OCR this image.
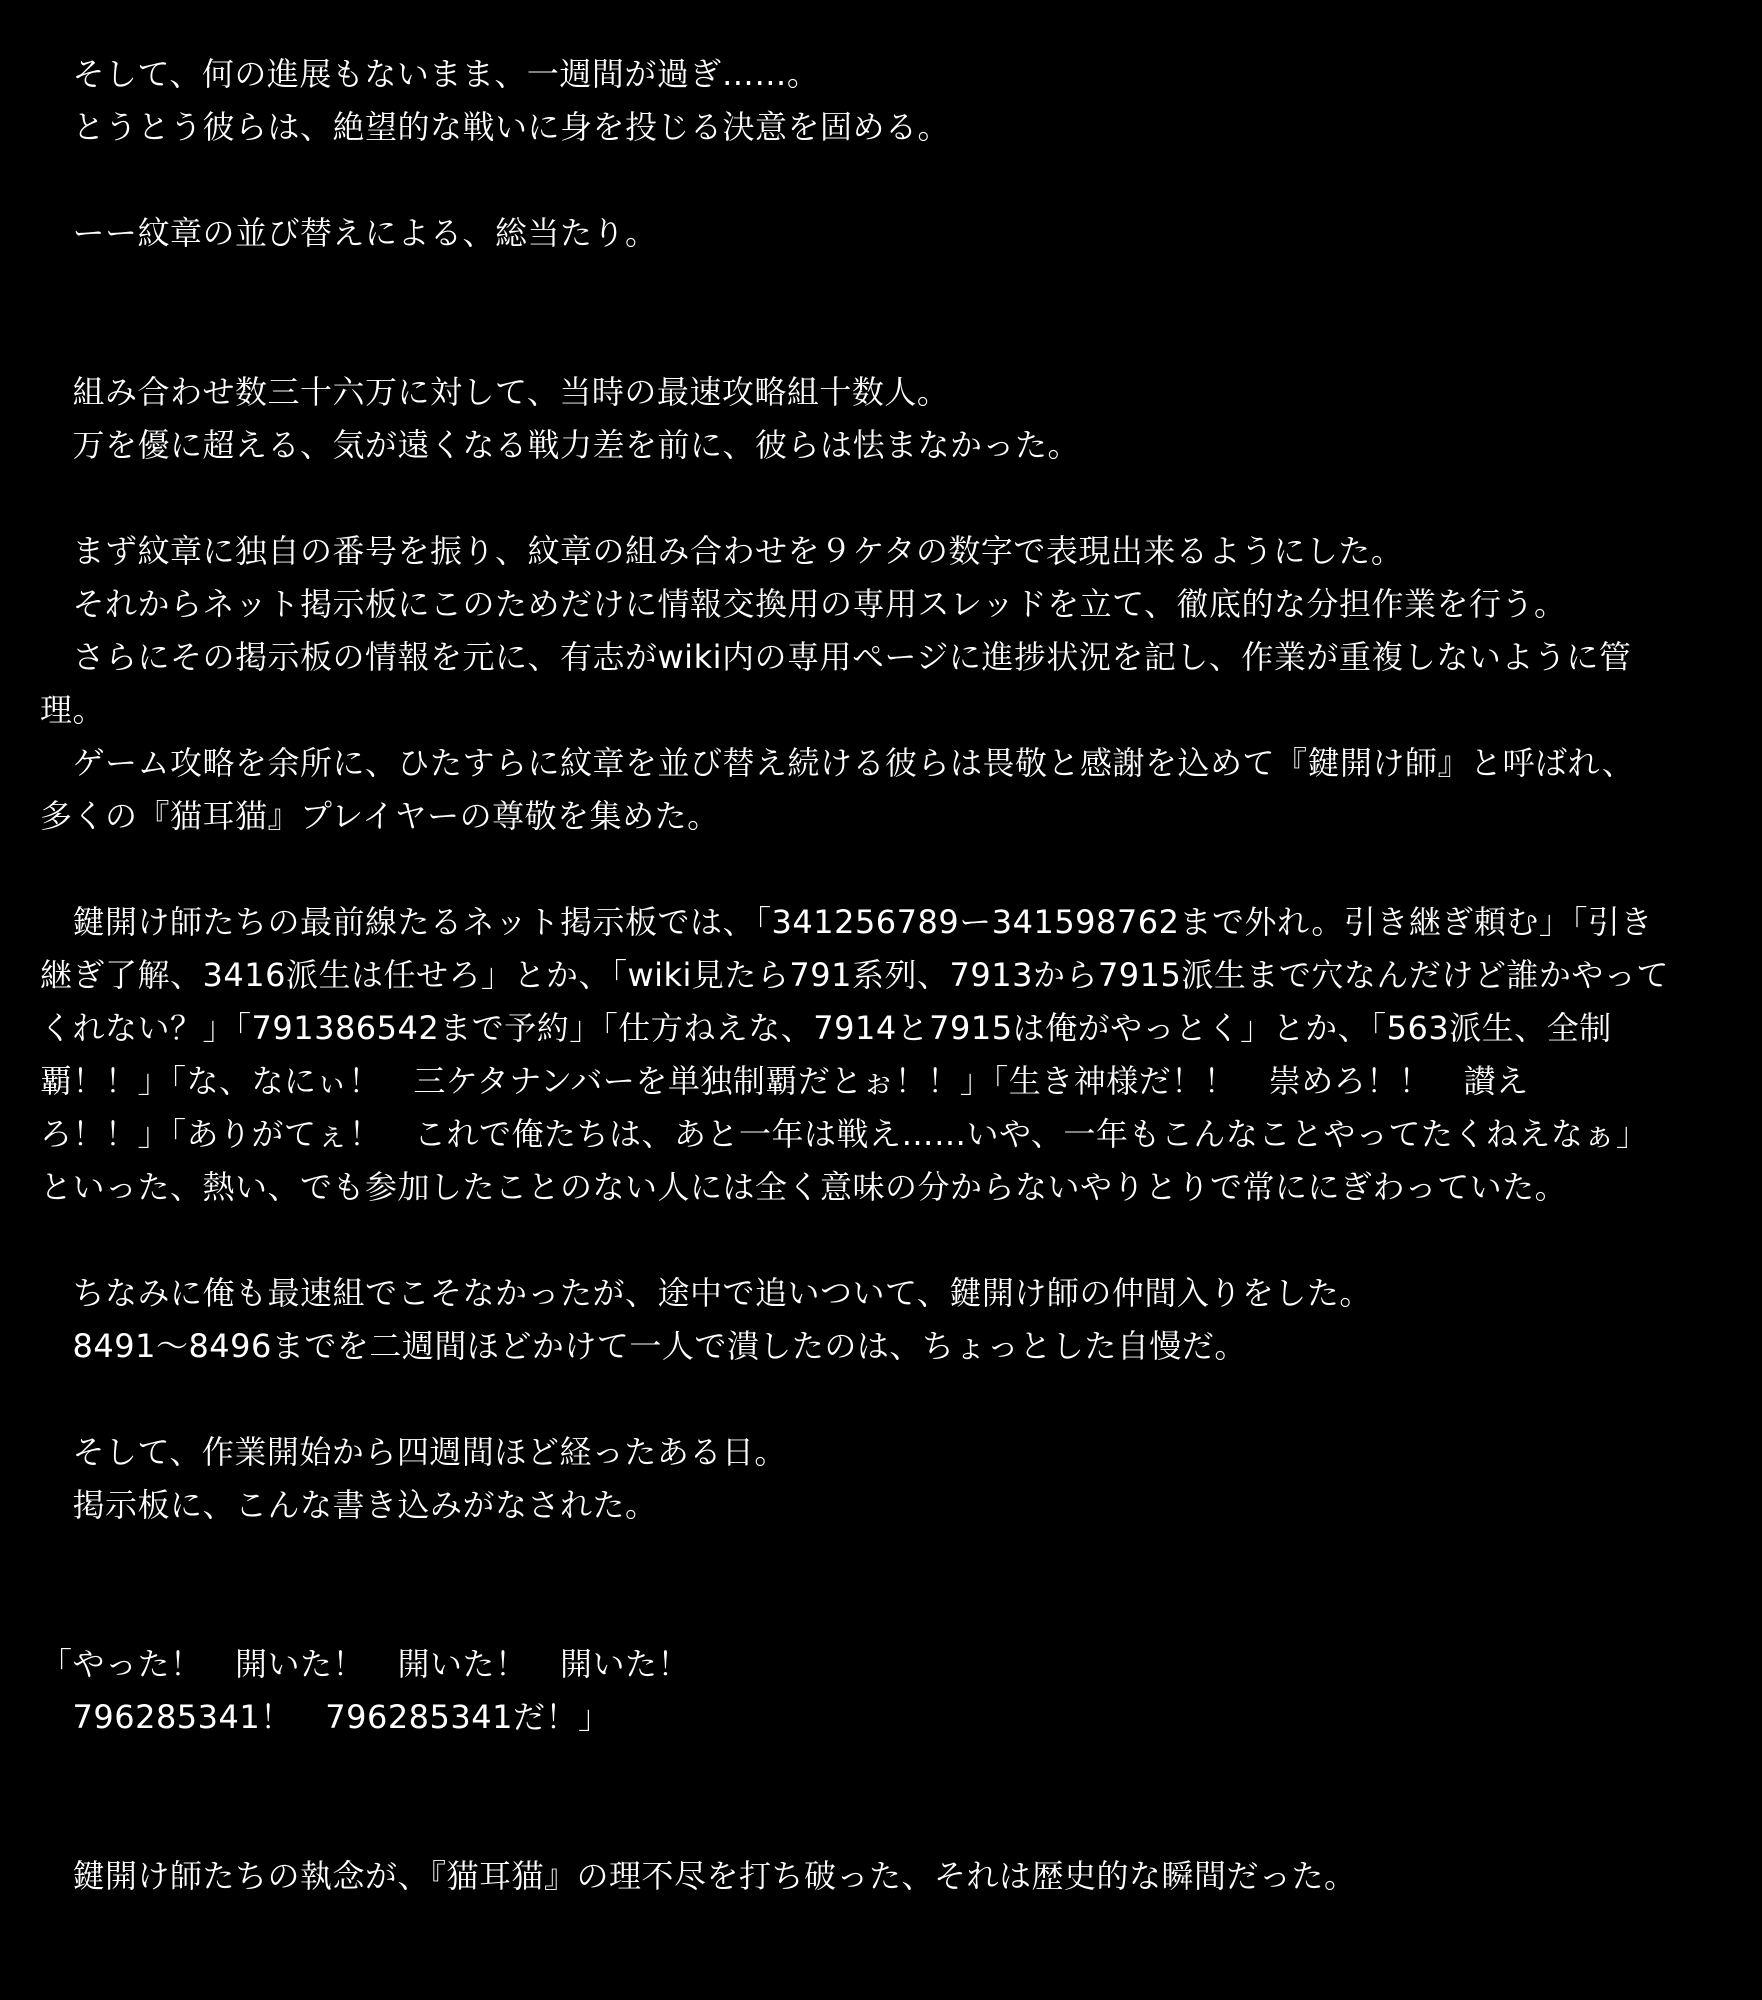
　そして、何の進展もないまま、一週間が過ぎ……。
　とうとう彼らは、絶望的な戦いに身を投じる決意を固める。
　ーー紋章の並び替えによる、総当たり。
　組み合わせ数三十六万に対して、当時の最速攻略組十数人。
　万を優に超える、気が遠くなる戦力差を前に、彼らは怯まなかった。
　まず紋章に独自の番号を振り、紋章の組み合わせを９ケタの数字で表現出来るようにした。
　それからネット掲示板にこのためだけに情報交換用の専用スレッドを立て、徹底的な分担作業を行う。
　さらにその掲示板の情報を元に、有志がwiki内の専用ページに進捗状況を記し、作業が重複しないように管
理。
　ゲーム攻略を余所に、ひたすらに紋章を並び替え続ける彼らは畏敬と感謝を込めて『鍵開け師』と呼ばれ、
多くの『猫耳猫』プレイヤーの尊敬を集めた。
　鍵開け師たちの最前線たるネット掲示板では、「341256789ー341598762まで外れ。引き継ぎ頼む」「引き
継ぎ了解、3416派生は任せろ」とか、「wiki見たら791系列、7913から7915派生まで穴なんだけど誰かやって
くれない？」「791386542まで予約」「仕方ねえな、7914と7915は俺がやっとく」とか、「563派生、全制
覇！！」「な、なにぃ！　三ケタナンバーを単独制覇だとぉ！！」「生き神様だ！！　崇めろ！！　讃え
ろ！！」「ありがてぇ！　これで俺たちは、あと一年は戦え……いや、一年もこんなことやってたくねえなぁ」
といった、熱い、でも参加したことのない人には全く意味の分からないやりとりで常ににぎわっていた。
　ちなみに俺も最速組でこそなかったが、途中で追いついて、鍵開け師の仲間入りをした。
　8491～8496までを二週間ほどかけて一人で潰したのは、ちょっとした自慢だ。
　そして、作業開始から四週間ほど経ったある日。
　掲示板に、こんな書き込みがなされた。
「やった！　開いた！　開いた！　開いた！
　796285341！　796285341だ！」
　鍵開け師たちの執念が、『猫耳猫』の理不尽を打ち破った、それは歴史的な瞬間だった。
